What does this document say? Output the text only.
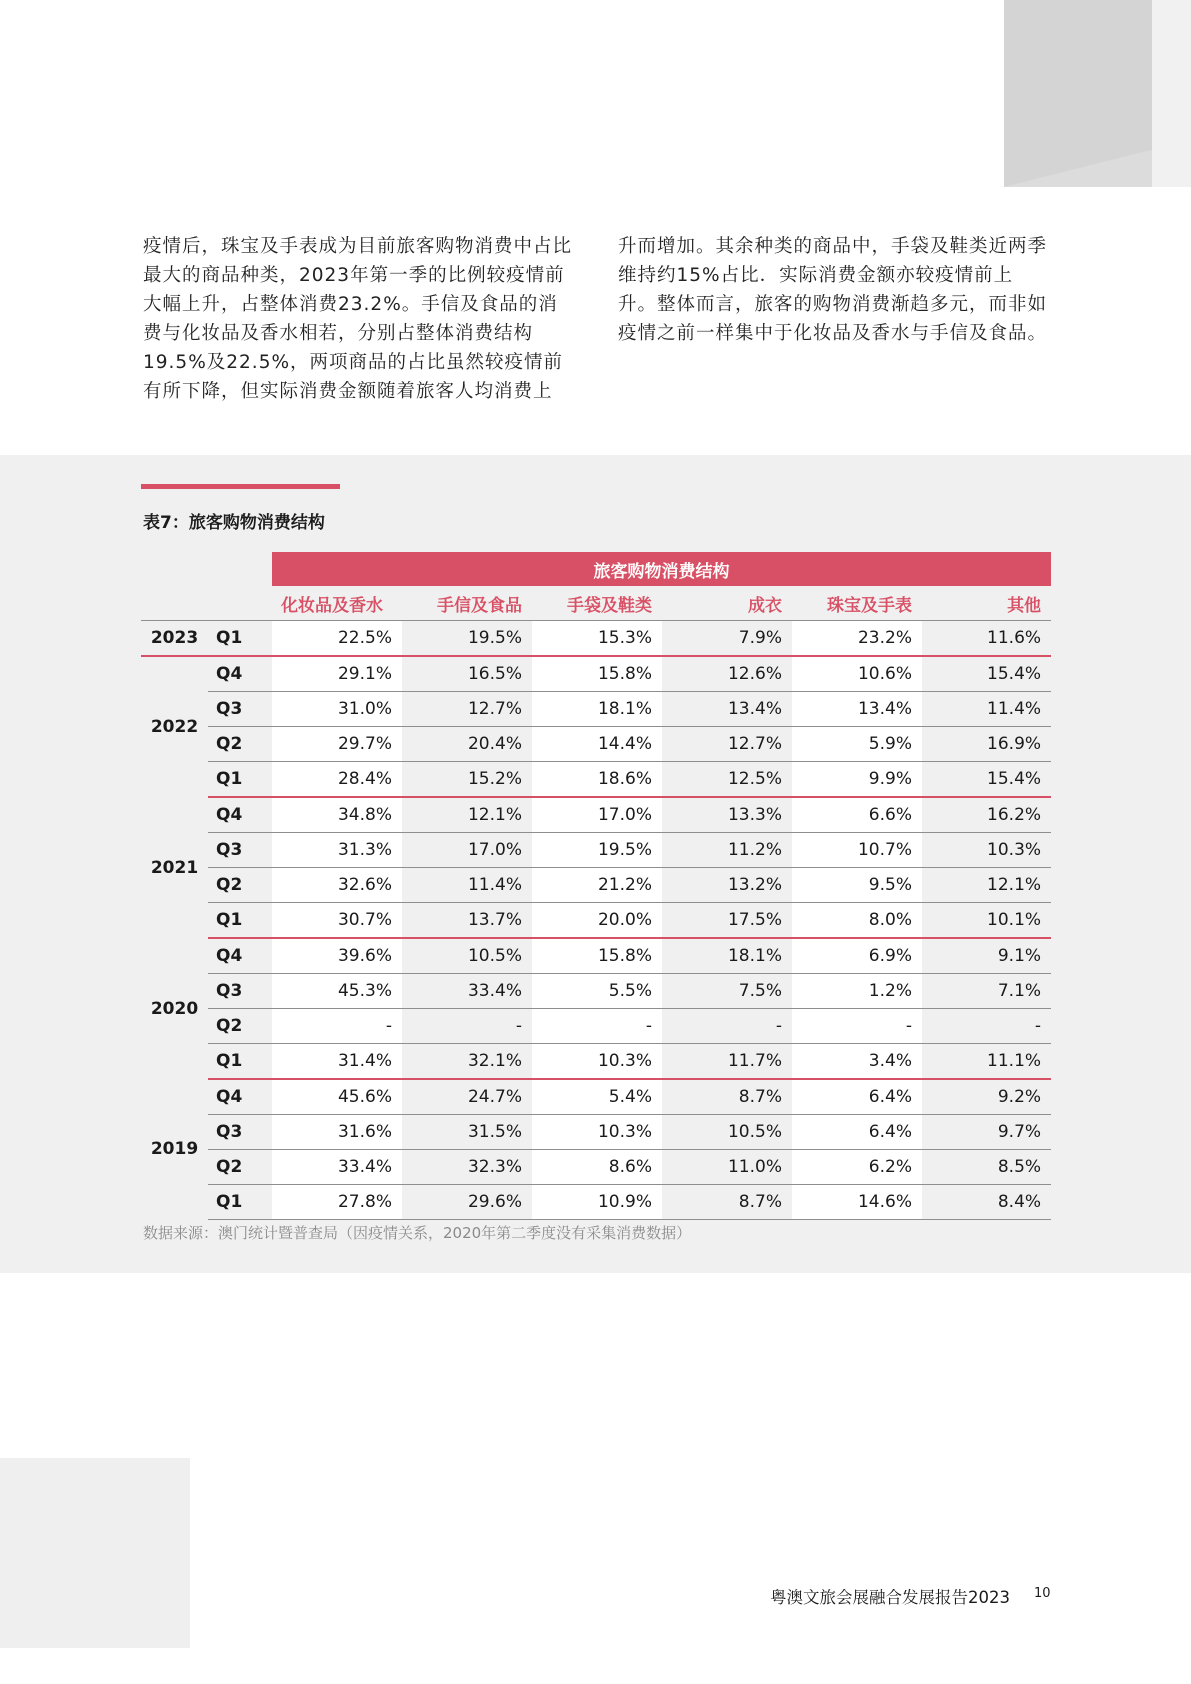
疫情后，珠宝及手表成为目前旅客购物消费中占比最大的商品种类，2023年第一季的比例较疫情前大幅上升，占整体消费23.2%。手信及食品的消费与化妆品及香水相若，分别占整体消费结构19.5%及22.5%，两项商品的占比虽然较疫情前有所下降，但实际消费金额随着旅客人均消费上

升而增加。其余种类的商品中，手袋及鞋类近两季维持约15%占比．实际消费金额亦较疫情前上升。整体而言，旅客的购物消费渐趋多元，而非如疫情之前一样集中于化妆品及香水与手信及食品。

表7：旅客购物消费结构
		旅客购物消费结构					
		化妆品及香水	手信及食品	手袋及鞋类	成衣	珠宝及手表	其他
2023	Q1	22.5%	19.5%	15.3%	7.9%	23.2%	11.6%
2022	Q4	29.1%	16.5%	15.8%	12.6%	10.6%	15.4%
	Q3	31.0%	12.7%	18.1%	13.4%	13.4%	11.4%
	Q2	29.7%	20.4%	14.4%	12.7%	5.9%	16.9%
	Q1	28.4%	15.2%	18.6%	12.5%	9.9%	15.4%
2021	Q4	34.8%	12.1%	17.0%	13.3%	6.6%	16.2%
	Q3	31.3%	17.0%	19.5%	11.2%	10.7%	10.3%
	Q2	32.6%	11.4%	21.2%	13.2%	9.5%	12.1%
	Q1	30.7%	13.7%	20.0%	17.5%	8.0%	10.1%
2020	Q4	39.6%	10.5%	15.8%	18.1%	6.9%	9.1%
	Q3	45.3%	33.4%	5.5%	7.5%	1.2%	7.1%
	Q2	-	-	-	-	-	-
	Q1	31.4%	32.1%	10.3%	11.7%	3.4%	11.1%
2019	Q4	45.6%	24.7%	5.4%	8.7%	6.4%	9.2%
	Q3	31.6%	31.5%	10.3%	10.5%	6.4%	9.7%
	Q2	33.4%	32.3%	8.6%	11.0%	6.2%	8.5%
	Q1	27.8%	29.6%	10.9%	8.7%	14.6%	8.4%
数据来源：澳门统计暨普查局（因疫情关系，2020年第二季度没有采集消费数据）
粤澳文旅会展融合发展报告2023 10
